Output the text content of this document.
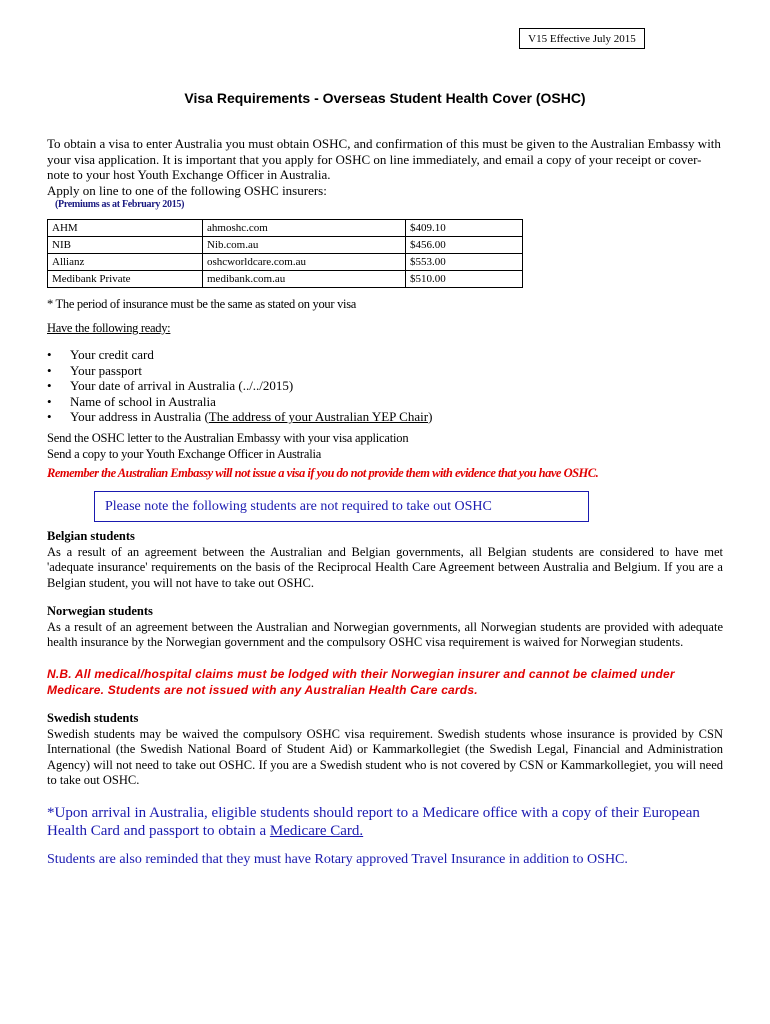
V15 Effective July 2015
Visa Requirements - Overseas Student Health Cover (OSHC)

To obtain a visa to enter Australia you must obtain OSHC, and confirmation of this must be given to the Australian Embassy with your visa application. It is important that you apply for OSHC on line immediately, and email a copy of your receipt or cover-note to your host Youth Exchange Officer in Australia.

Apply on line to one of the following OSHC insurers:

(Premiums as at February 2015)
AHM	ahmoshc.com	$409.10
NIB	Nib.com.au	$456.00
Allianz	oshcworldcare.com.au	$553.00
Medibank Private	medibank.com.au	$510.00
* The period of insurance must be the same as stated on your visa
Have the following ready:
• Your credit card
• Your passport
• Your date of arrival in Australia (../../2015)
• Name of school in Australia
• Your address in Australia (The address of your Australian YEP Chair)

Send the OSHC letter to the Australian Embassy with your visa application

Send a copy to your Youth Exchange Officer in Australia

Remember the Australian Embassy will not issue a visa if you do not provide them with evidence that you have OSHC.
Please note the following students are not required to take out OSHC

Belgian students

As a result of an agreement between the Australian and Belgian governments, all Belgian students are considered to have met 'adequate insurance' requirements on the basis of the Reciprocal Health Care Agreement between Australia and Belgium. If you are a Belgian student, you will not have to take out OSHC.

Norwegian students

As a result of an agreement between the Australian and Norwegian governments, all Norwegian students are provided with adequate health insurance by the Norwegian government and the compulsory OSHC visa requirement is waived for Norwegian students.

N.B. All medical/hospital claims must be lodged with their Norwegian insurer and cannot be claimed under Medicare. Students are not issued with any Australian Health Care cards.

Swedish students

Swedish students may be waived the compulsory OSHC visa requirement. Swedish students whose insurance is provided by CSN International (the Swedish National Board of Student Aid) or Kammarkollegiet (the Swedish Legal, Financial and Administration Agency) will not need to take out OSHC. If you are a Swedish student who is not covered by CSN or Kammarkollegiet, you will need to take out OSHC.

*Upon arrival in Australia, eligible students should report to a Medicare office with a copy of their European Health Card and passport to obtain a Medicare Card.
Students are also reminded that they must have Rotary approved Travel Insurance in addition to OSHC.
